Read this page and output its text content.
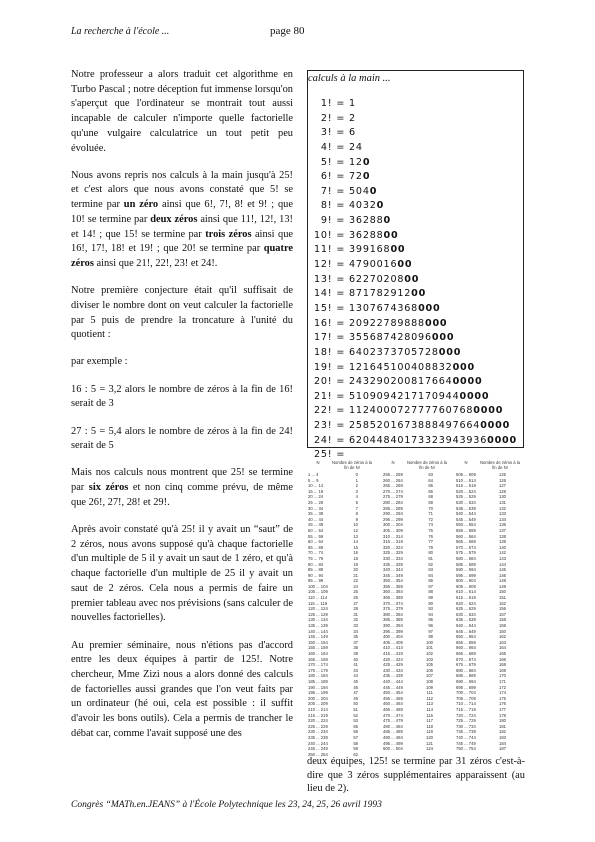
La recherche à l'école ...	page 80

Notre professeur a alors traduit cet algorithme en Turbo Pascal ; notre déception fut immense lorsqu'on s'aperçut que l'ordinateur se montrait tout aussi incapable de calculer n'importe quelle factorielle qu'une vulgaire calculatrice un tout petit peu évoluée.

Nous avons repris nos calculs à la main jusqu'à 25! et c'est alors que nous avons constaté que 5! se termine par un zéro ainsi que 6!, 7!, 8! et 9! ; que 10! se termine par deux zéros ainsi que 11!, 12!, 13! et 14! ; que 15! se termine par trois zéros ainsi que 16!, 17!, 18! et 19! ; que 20! se termine par quatre zéros ainsi que 21!, 22!, 23! et 24!.

Notre première conjecture était qu'il suffisait de diviser le nombre dont on veut calculer la factorielle par 5 puis de prendre la troncature à l'unité du quotient :

par exemple :

16 : 5 = 3,2 alors le nombre de zéros à la fin de 16! serait de 3

27 : 5 = 5,4 alors le nombre de zéros à la fin de 24! serait de 5

Mais nos calculs nous montrent que 25! se termine par six zéros et non cinq comme prévu, de même que 26!, 27!, 28! et 29!.

Après avoir constaté qu'à 25! il y avait un “saut” de 2 zéros, nous avons supposé qu'à chaque factorielle d'un multiple de 5 il y avait un saut de 1 zéro, et qu'à chaque factorielle d'un multiple de 25 il y avait un saut de 2 zéros. Cela nous a permis de faire un premier tableau avec nos prévisions (sans calculer de nouvelles factorielles).

Au premier séminaire, nous n'étions pas d'accord entre les deux équipes à partir de 125!. Notre chercheur, Mme Zizi nous a alors donné des calculs de factorielles aussi grandes que l'on veut faits par un ordinateur (hé oui, cela est possible : il suffit d'avoir les bons outils). Cela a permis de trancher le débat car, comme l'avait supposé une des

calculs à la main ...
 1! = 1
 2! = 2
 3! = 6
 4! = 24
 5! = 120
 6! = 720
 7! = 5040
 8! = 40320
 9! = 362880
10! = 3628800
11! = 39916800
12! = 479001600
13! = 6227020800
14! = 87178291200
15! = 1307674368000
16! = 20922789888000
17! = 355687428096000
18! = 6402373705728000
19! = 121645100408832000
20! = 2432902008176640000
21! = 51090942171709440000
22! = 1124000727777607680000
23! = 25852016738884976640000
24! = 620448401733239439360000
25! =
N	Nombre de zéros à la fin de N!
1 ... 4	0
5 ... 9	1
10 ... 14	2
15 ... 19	3
20 ... 24	4
25 ... 29	6
30 ... 34	7
35 ... 39	8
40 ... 44	9
45 ... 49	10
50 ... 54	12
55 ... 59	13
60 ... 64	14
65 ... 69	15
70 ... 74	16
75 ... 79	18
80 ... 84	19
85 ... 89	20
90 ... 94	21
95 ... 99	22
100 ... 104	24
105 ... 109	25
110 ... 114	26
115 ... 119	27
120 ... 124	28
125 ... 129	31
130 ... 134	32
135 ... 139	33
140 ... 144	34
145 ... 149	35
150 ... 154	37
155 ... 159	38
160 ... 164	39
165 ... 169	40
170 ... 174	41
175 ... 179	43
180 ... 184	44
185 ... 189	45
190 ... 194	46
195 ... 199	47
200 ... 204	49
205 ... 209	50
210 ... 214	51
215 ... 219	52
220 ... 224	53
225 ... 229	55
230 ... 234	56
235 ... 239	57
240 ... 244	58
245 ... 249	59
250 ... 254	62
N	Nombre de zéros à la fin de N!
255 ... 259	63
260 ... 264	64
265 ... 269	65
270 ... 274	66
275 ... 279	68
280 ... 284	69
285 ... 289	70
290 ... 294	71
295 ... 299	72
300 ... 304	74
305 ... 309	75
310 ... 314	76
315 ... 319	77
320 ... 324	78
325 ... 329	80
330 ... 334	81
335 ... 339	82
340 ... 344	83
345 ... 349	84
350 ... 354	86
355 ... 359	87
360 ... 364	88
365 ... 369	89
370 ... 374	90
375 ... 379	93
380 ... 384	94
385 ... 389	95
390 ... 394	96
395 ... 399	97
400 ... 404	99
405 ... 409	100
410 ... 414	101
415 ... 419	102
420 ... 424	103
425 ... 429	105
430 ... 434	106
435 ... 439	107
440 ... 444	108
445 ... 449	109
450 ... 454	111
455 ... 459	112
460 ... 464	113
465 ... 469	114
470 ... 474	115
475 ... 479	117
480 ... 484	118
485 ... 489	119
490 ... 494	120
495 ... 499	121
500 ... 504	124
N	Nombre de zéros à la fin de N!
505 ... 509	125
510 ... 514	126
515 ... 519	127
520 ... 524	128
525 ... 529	130
530 ... 534	131
535 ... 539	132
540 ... 544	133
545 ... 549	134
550 ... 554	136
555 ... 559	137
560 ... 564	138
565 ... 569	139
570 ... 574	140
575 ... 579	142
580 ... 584	143
585 ... 589	144
590 ... 594	145
595 ... 599	146
600 ... 604	148
605 ... 609	149
610 ... 614	150
615 ... 619	151
620 ... 624	152
625 ... 629	156
630 ... 634	157
635 ... 639	158
640 ... 644	159
645 ... 649	160
650 ... 654	162
655 ... 659	163
660 ... 664	164
665 ... 669	165
670 ... 674	166
675 ... 679	168
680 ... 684	169
685 ... 689	170
690 ... 694	171
695 ... 699	172
700 ... 704	174
705 ... 709	175
710 ... 714	176
715 ... 719	177
720 ... 724	178
725 ... 729	180
730 ... 734	181
735 ... 739	182
740 ... 744	183
745 ... 749	184
750 ... 754	187
deux équipes, 125! se termine par 31 zéros c'est-à-dire que 3 zéros supplémentaires apparaissent (au lieu de 2).
Congrès “MATh.en.JEANS” à l'École Polytechnique les 23, 24, 25, 26 avril 1993
